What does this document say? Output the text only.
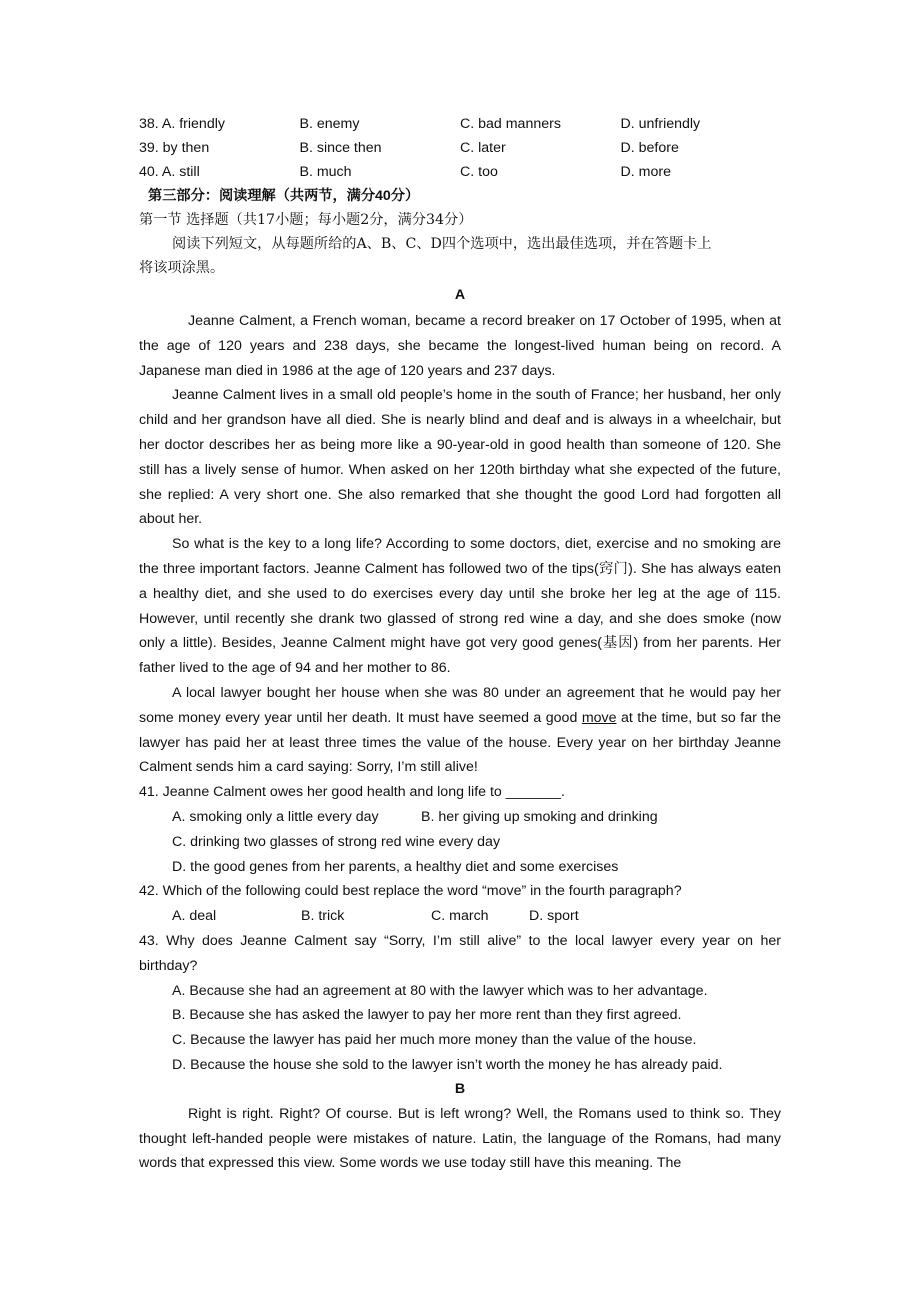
38. A. friendly	B. enemy	C. bad manners	D. unfriendly
39. by then	B. since then	C. later	D. before
40. A. still	B. much	C. too	D. more
第三部分：阅读理解（共两节，满分40分）
第一节 选择题（共17小题；每小题2分，满分34分）
阅读下列短文，从每题所给的A、B、C、D四个选项中，选出最佳选项，并在答题卡上
将该项涂黑。
A

Jeanne Calment, a French woman, became a record breaker on 17 October of 1995, when at the age of 120 years and 238 days, she became the longest-lived human being on record. A Japanese man died in 1986 at the age of 120 years and 237 days.

Jeanne Calment lives in a small old people’s home in the south of France; her husband, her only child and her grandson have all died. She is nearly blind and deaf and is always in a wheelchair, but her doctor describes her as being more like a 90-year-old in good health than someone of 120. She still has a lively sense of humor. When asked on her 120th birthday what she expected of the future, she replied: A very short one. She also remarked that she thought the good Lord had forgotten all about her.

So what is the key to a long life? According to some doctors, diet, exercise and no smoking are the three important factors. Jeanne Calment has followed two of the tips(窍门). She has always eaten a healthy diet, and she used to do exercises every day until she broke her leg at the age of 115. However, until recently she drank two glassed of strong red wine a day, and she does smoke (now only a little). Besides, Jeanne Calment might have got very good genes(基因) from her parents. Her father lived to the age of 94 and her mother to 86.

A local lawyer bought her house when she was 80 under an agreement that he would pay her some money every year until her death. It must have seemed a good move at the time, but so far the lawyer has paid her at least three times the value of the house. Every year on her birthday Jeanne Calment sends him a card saying: Sorry, I’m still alive!

41. Jeanne Calment owes her good health and long life to _______.
A. smoking only a little every day	B. her giving up smoking and drinking
C. drinking two glasses of strong red wine every day
D. the good genes from her parents, a healthy diet and some exercises
42. Which of the following could best replace the word “move” in the fourth paragraph?
A. deal	B. trick	C. march	D. sport
43. Why does Jeanne Calment say “Sorry, I’m still alive” to the local lawyer every year on her birthday?
A. Because she had an agreement at 80 with the lawyer which was to her advantage.
B. Because she has asked the lawyer to pay her more rent than they first agreed.
C. Because the lawyer has paid her much more money than the value of the house.
D. Because the house she sold to the lawyer isn’t worth the money he has already paid.
B

Right is right. Right? Of course. But is left wrong? Well, the Romans used to think so. They thought left-handed people were mistakes of nature. Latin, the language of the Romans, had many words that expressed this view. Some words we use today still have this meaning. The
